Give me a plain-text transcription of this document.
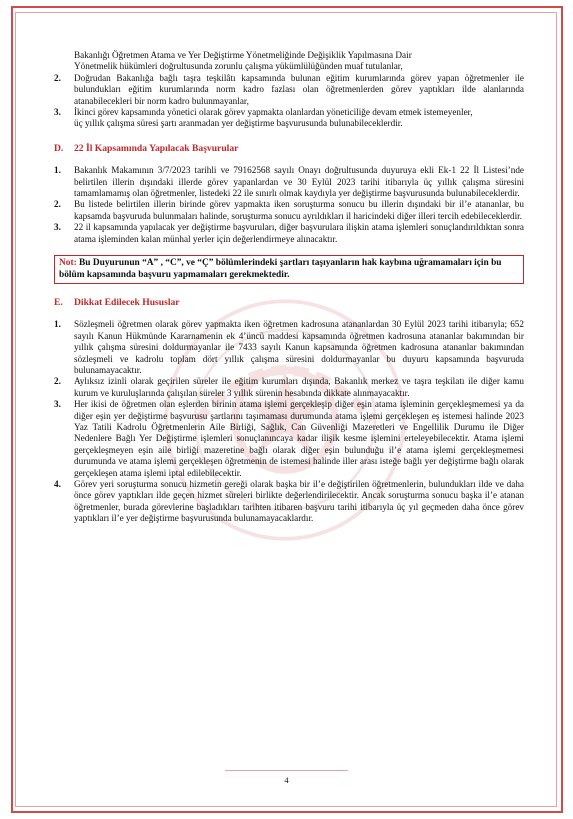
Bakanlığı Öğretmen Atama ve Yer Değiştirme Yönetmeliğinde Değişiklik Yapılmasına Dair
Yönetmelik hükümleri doğrultusunda zorunlu çalışma yükümlülüğünden muaf tutulanlar,
2. Doğrudan Bakanlığa bağlı taşra teşkilâtı kapsamında bulunan eğitim kurumlarında görev yapan öğretmenler ile bulundukları eğitim kurumlarında norm kadro fazlası olan öğretmenlerden görev yaptıkları ilde alanlarında atanabilecekleri bir norm kadro bulunmayanlar,
3. İkinci görev kapsamında yönetici olarak görev yapmakta olanlardan yöneticiliğe devam etmek istemeyenler,
üç yıllık çalışma süresi şartı aranmadan yer değiştirme başvurusunda bulunabileceklerdir.
D. 22 İl Kapsamında Yapılacak Başvurular
1. Bakanlık Makamının 3/7/2023 tarihli ve 79162568 sayılı Onayı doğrultusunda duyuruya ekli Ek-1 22 İl Listesi’nde belirtilen illerin dışındaki illerde görev yapanlardan ve 30 Eylül 2023 tarihi itibarıyla üç yıllık çalışma süresini tamamlamamış olan öğretmenler, listedeki 22 ile sınırlı olmak kaydıyla yer değiştirme başvurusunda bulunabileceklerdir.
2. Bu listede belirtilen illerin birinde görev yapmakta iken soruşturma sonucu bu illerin dışındaki bir il’e atananlar, bu kapsamda başvuruda bulunmaları halinde, soruşturma sonucu ayrıldıkları il haricindeki diğer illeri tercih edebileceklerdir.
3. 22 il kapsamında yapılacak yer değiştirme başvuruları, diğer başvurulara ilişkin atama işlemleri sonuçlandırıldıktan sonra atama işleminden kalan münhal yerler için değerlendirmeye alınacaktır.
Not: Bu Duyurunun “A” , “C”, ve “Ç” bölümlerindeki şartları taşıyanların hak kaybına uğramamaları için bu bölüm kapsamında başvuru yapmamaları gerekmektedir.
E. Dikkat Edilecek Hususlar
1. Sözleşmeli öğretmen olarak görev yapmakta iken öğretmen kadrosuna atananlardan 30 Eylül 2023 tarihi itibarıyla; 652 sayılı Kanun Hükmünde Kararnamenin ek 4’üncü maddesi kapsamında öğretmen kadrosuna atananlar bakımından bir yıllık çalışma süresini doldurmayanlar ile 7433 sayılı Kanun kapsamında öğretmen kadrosuna atananlar bakımından sözleşmeli ve kadrolu toplam dört yıllık çalışma süresini doldurmayanlar bu duyuru kapsamında başvuruda bulunamayacaktır.
2. Aylıksız izinli olarak geçirilen süreler ile eğitim kurumları dışında, Bakanlık merkez ve taşra teşkilatı ile diğer kamu kurum ve kuruluşlarında çalışılan süreler 3 yıllık sürenin hesabında dikkate alınmayacaktır.
3. Her ikisi de öğretmen olan eşlerden birinin atama işlemi gerçekleşip diğer eşin atama işleminin gerçekleşmemesi ya da diğer eşin yer değiştirme başvurusu şartlarını taşımaması durumunda atama işlemi gerçekleşen eş istemesi halinde 2023 Yaz Tatili Kadrolu Öğretmenlerin Aile Birliği, Sağlık, Can Güvenliği Mazeretleri ve Engellilik Durumu ile Diğer Nedenlere Bağlı Yer Değiştirme işlemleri sonuçlanıncaya kadar ilişik kesme işlemini erteleyebilecektir. Atama işlemi gerçekleşmeyen eşin aile birliği mazeretine bağlı olarak diğer eşin bulunduğu il’e atama işlemi gerçekleşmemesi durumunda ve atama işlemi gerçekleşen öğretmenin de istemesi halinde iller arası isteğe bağlı yer değiştirme bağlı olarak gerçekleşen atama işlemi iptal edilebilecektir.
4. Görev yeri soruşturma sonucu hizmetin gereği olarak başka bir il’e değiştirilen öğretmenlerin, bulundukları ilde ve daha önce görev yaptıkları ilde geçen hizmet süreleri birlikte değerlendirilecektir. Ancak soruşturma sonucu başka il’e atanan öğretmenler, burada görevlerine başladıkları tarihten itibaren başvuru tarihi itibarıyla üç yıl geçmeden daha önce görev yaptıkları il’e yer değiştirme başvurusunda bulunamayacaklardır.
4
